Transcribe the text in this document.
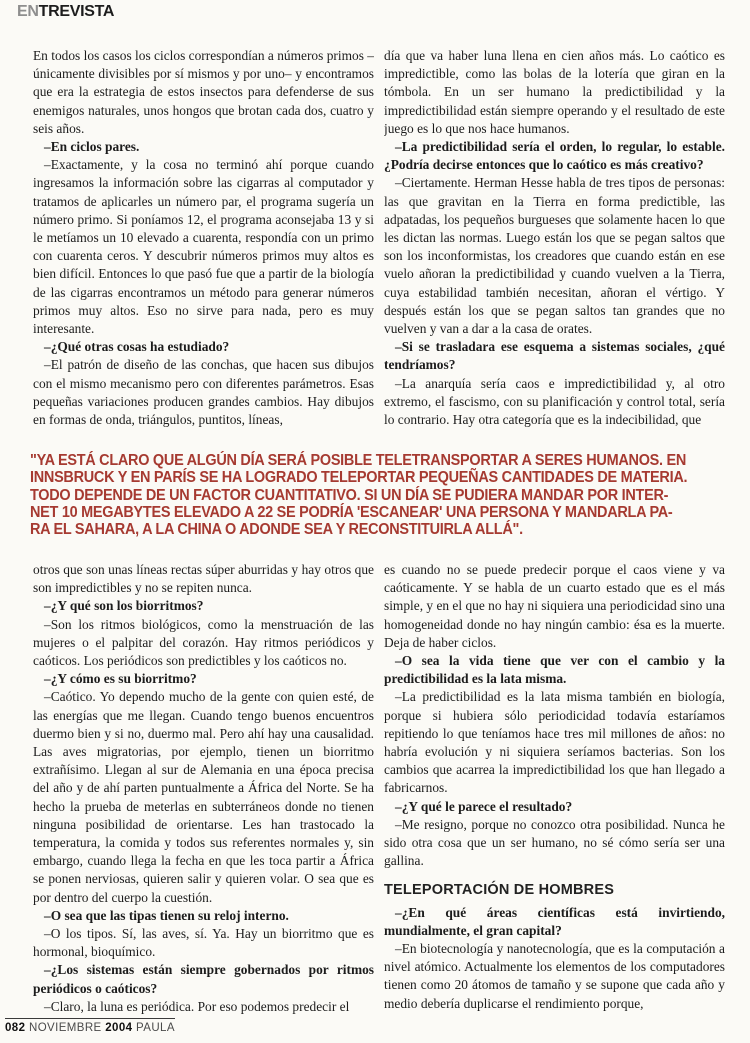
ENTREVISTA

En todos los casos los ciclos correspondían a números primos –únicamente divisibles por sí mismos y por uno– y encontramos que era la estrategia de estos insectos para defenderse de sus enemigos naturales, unos hongos que brotan cada dos, cuatro y seis años.

–En ciclos pares.

–Exactamente, y la cosa no terminó ahí porque cuando ingresamos la información sobre las cigarras al computador y tratamos de aplicarles un número par, el programa sugería un número primo. Si poníamos 12, el programa aconsejaba 13 y si le metíamos un 10 elevado a cuarenta, respondía con un primo con cuarenta ceros. Y descubrir números primos muy altos es bien difícil. Entonces lo que pasó fue que a partir de la biología de las cigarras encontramos un método para generar números primos muy altos. Eso no sirve para nada, pero es muy interesante.

–¿Qué otras cosas ha estudiado?

–El patrón de diseño de las conchas, que hacen sus dibujos con el mismo mecanismo pero con diferentes parámetros. Esas pequeñas variaciones producen grandes cambios. Hay dibujos en formas de onda, triángulos, puntitos, líneas,

día que va haber luna llena en cien años más. Lo caótico es impredictible, como las bolas de la lotería que giran en la tómbola. En un ser humano la predictibilidad y la impredictibilidad están siempre operando y el resultado de este juego es lo que nos hace humanos.

–La predictibilidad sería el orden, lo regular, lo estable. ¿Podría decirse entonces que lo caótico es más creativo?

–Ciertamente. Herman Hesse habla de tres tipos de personas: las que gravitan en la Tierra en forma predictible, las adpatadas, los pequeños burgueses que solamente hacen lo que les dictan las normas. Luego están los que se pegan saltos que son los inconformistas, los creadores que cuando están en ese vuelo añoran la predictibilidad y cuando vuelven a la Tierra, cuya estabilidad también necesitan, añoran el vértigo. Y después están los que se pegan saltos tan grandes que no vuelven y van a dar a la casa de orates.

–Si se trasladara ese esquema a sistemas sociales, ¿qué tendríamos?

–La anarquía sería caos e impredictibilidad y, al otro extremo, el fascismo, con su planificación y control total, sería lo contrario. Hay otra categoría que es la indecibilidad, que

"YA ESTÁ CLARO QUE ALGÚN DÍA SERÁ POSIBLE TELETRANSPORTAR A SERES HUMANOS. EN
INNSBRUCK Y EN PARÍS SE HA LOGRADO TELEPORTAR PEQUEÑAS CANTIDADES DE MATERIA.
TODO DEPENDE DE UN FACTOR CUANTITATIVO. SI UN DÍA SE PUDIERA MANDAR POR INTER-
NET 10 MEGABYTES ELEVADO A 22 SE PODRÍA 'ESCANEAR' UNA PERSONA Y MANDARLA PA-
RA EL SAHARA, A LA CHINA O ADONDE SEA Y RECONSTITUIRLA ALLÁ".

otros que son unas líneas rectas súper aburridas y hay otros que son impredictibles y no se repiten nunca.

–¿Y qué son los biorritmos?

–Son los ritmos biológicos, como la menstruación de las mujeres o el palpitar del corazón. Hay ritmos periódicos y caóticos. Los periódicos son predictibles y los caóticos no.

–¿Y cómo es su biorritmo?

–Caótico. Yo dependo mucho de la gente con quien esté, de las energías que me llegan. Cuando tengo buenos encuentros duermo bien y si no, duermo mal. Pero ahí hay una causalidad. Las aves migratorias, por ejemplo, tienen un biorritmo extrañísimo. Llegan al sur de Alemania en una época precisa del año y de ahí parten puntualmente a África del Norte. Se ha hecho la prueba de meterlas en subterráneos donde no tienen ninguna posibilidad de orientarse. Les han trastocado la temperatura, la comida y todos sus referentes normales y, sin embargo, cuando llega la fecha en que les toca partir a África se ponen nerviosas, quieren salir y quieren volar. O sea que es por dentro del cuerpo la cuestión.

–O sea que las tipas tienen su reloj interno.

–O los tipos. Sí, las aves, sí. Ya. Hay un biorritmo que es hormonal, bioquímico.

–¿Los sistemas están siempre gobernados por ritmos periódicos o caóticos?

–Claro, la luna es periódica. Por eso podemos predecir el

es cuando no se puede predecir porque el caos viene y va caóticamente. Y se habla de un cuarto estado que es el más simple, y en el que no hay ni siquiera una periodicidad sino una homogeneidad donde no hay ningún cambio: ésa es la muerte. Deja de haber ciclos.

–O sea la vida tiene que ver con el cambio y la predictibilidad es la lata misma.

–La predictibilidad es la lata misma también en biología, porque si hubiera sólo periodicidad todavía estaríamos repitiendo lo que teníamos hace tres mil millones de años: no habría evolución y ni siquiera seríamos bacterias. Son los cambios que acarrea la impredictibilidad los que han llegado a fabricarnos.

–¿Y qué le parece el resultado?

–Me resigno, porque no conozco otra posibilidad. Nunca he sido otra cosa que un ser humano, no sé cómo sería ser una gallina.

TELEPORTACIÓN DE HOMBRES

–¿En qué áreas científicas está invirtiendo, mundialmente, el gran capital?

–En biotecnología y nanotecnología, que es la computación a nivel atómico. Actualmente los elementos de los computadores tienen como 20 átomos de tamaño y se supone que cada año y medio debería duplicarse el rendimiento porque,

082 NOVIEMBRE 2004 PAULA
